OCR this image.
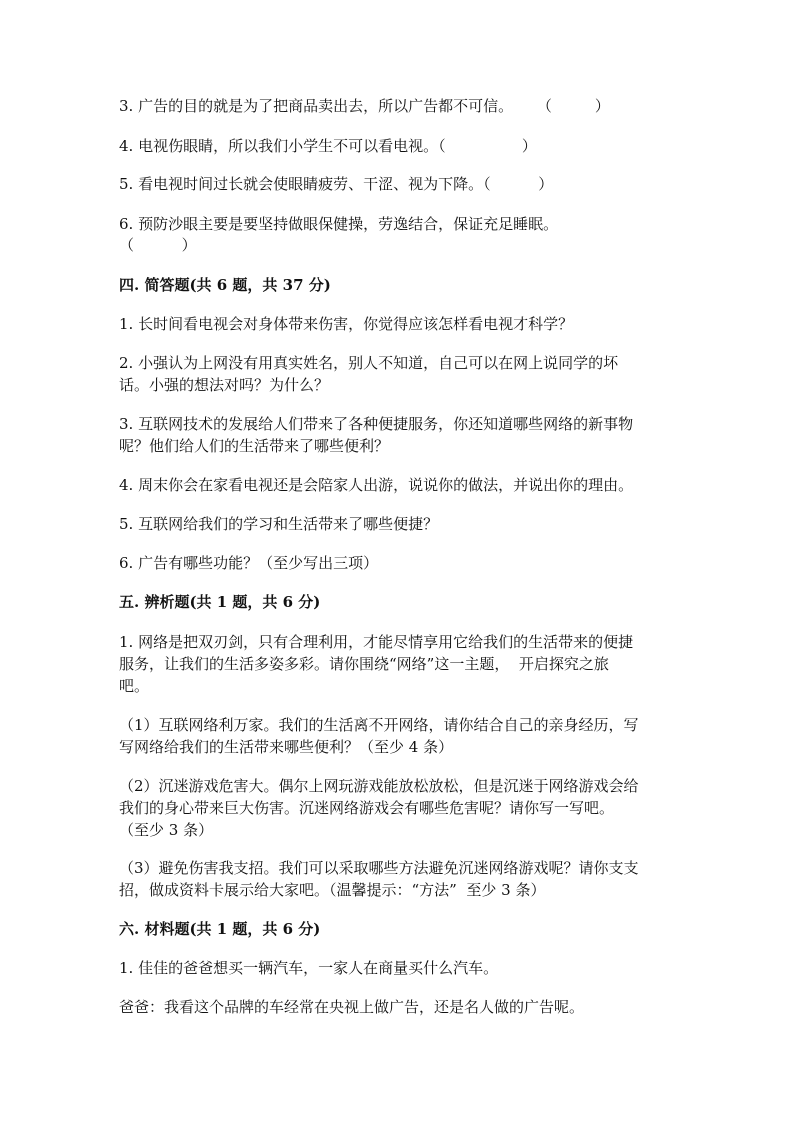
3. 广告的目的就是为了把商品卖出去，所以广告都不可信。     （         ）
4. 电视伤眼睛，所以我们小学生不可以看电视。（                ）
5. 看电视时间过长就会使眼睛疲劳、干涩、视为下降。（          ）
6. 预防沙眼主要是要坚持做眼保健操，劳逸结合，保证充足睡眠。
（          ）
四. 简答题(共 6 题，共 37 分)
1. 长时间看电视会对身体带来伤害，你觉得应该怎样看电视才科学？
2. 小强认为上网没有用真实姓名，别人不知道，自己可以在网上说同学的坏
话。小强的想法对吗？为什么？
3. 互联网技术的发展给人们带来了各种便捷服务，你还知道哪些网络的新事物
呢？他们给人们的生活带来了哪些便利？
4. 周末你会在家看电视还是会陪家人出游，说说你的做法，并说出你的理由。
5. 互联网给我们的学习和生活带来了哪些便捷？
6. 广告有哪些功能？（至少写出三项）
五. 辨析题(共 1 题，共 6 分)
1. 网络是把双刃剑，只有合理利用，才能尽情享用它给我们的生活带来的便捷
服务，让我们的生活多姿多彩。请你围绕“网络”这一主题，  开启探究之旅
吧。
（1）互联网络利万家。我们的生活离不开网络，请你结合自己的亲身经历，写
写网络给我们的生活带来哪些便利？（至少 4 条）
（2）沉迷游戏危害大。偶尔上网玩游戏能放松放松，但是沉迷于网络游戏会给
我们的身心带来巨大伤害。沉迷网络游戏会有哪些危害呢？请你写一写吧。
（至少 3 条）
（3）避免伤害我支招。我们可以采取哪些方法避免沉迷网络游戏呢？请你支支
招，做成资料卡展示给大家吧。（温馨提示：“方法”  至少 3 条）
六. 材料题(共 1 题，共 6 分)
1. 佳佳的爸爸想买一辆汽车，一家人在商量买什么汽车。
爸爸：我看这个品牌的车经常在央视上做广告，还是名人做的广告呢。
